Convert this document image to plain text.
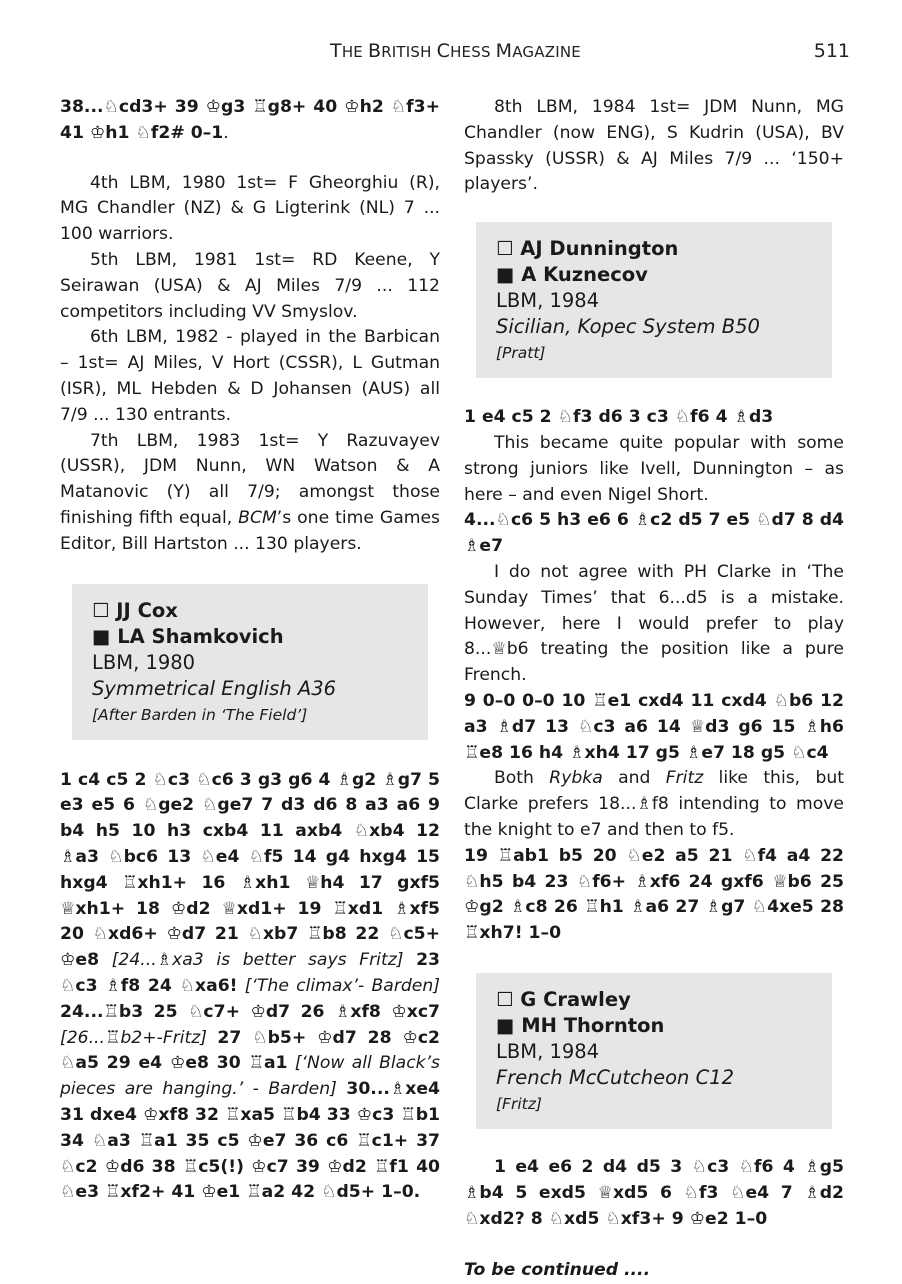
THE BRITISH CHESS MAGAZINE	511

38...♘cd3+ 39 ♔g3 ♖g8+ 40 ♔h2 ♘f3+ 41 ♔h1 ♘f2# 0–1.

4th LBM, 1980 1st= F Gheorghiu (R), MG Chandler (NZ) & G Ligterink (NL) 7 ... 100 warriors.

5th LBM, 1981 1st= RD Keene, Y Seirawan (USA) & AJ Miles 7/9 ... 112 competitors including VV Smyslov.

6th LBM, 1982 - played in the Barbican – 1st= AJ Miles, V Hort (CSSR), L Gutman (ISR), ML Hebden & D Johansen (AUS) all 7/9 ... 130 entrants.

7th LBM, 1983 1st= Y Razuvayev (USSR), JDM Nunn, WN Watson & A Matanovic (Y) all 7/9; amongst those finishing fifth equal, BCM’s one time Games Editor, Bill Hartston ... 130 players.

☐ JJ Cox
■ LA Shamkovich
LBM, 1980
Symmetrical English A36
[After Barden in ‘The Field’]

1 c4 c5 2 ♘c3 ♘c6 3 g3 g6 4 ♗g2 ♗g7 5 e3 e5 6 ♘ge2 ♘ge7 7 d3 d6 8 a3 a6 9 b4 h5 10 h3 cxb4 11 axb4 ♘xb4 12 ♗a3 ♘bc6 13 ♘e4 ♘f5 14 g4 hxg4 15 hxg4 ♖xh1+ 16 ♗xh1 ♕h4 17 gxf5 ♕xh1+ 18 ♔d2 ♕xd1+ 19 ♖xd1 ♗xf5 20 ♘xd6+ ♔d7 21 ♘xb7 ♖b8 22 ♘c5+ ♔e8 [24...♗xa3 is better says Fritz] 23 ♘c3 ♗f8 24 ♘xa6! [‘The climax’- Barden] 24...♖b3 25 ♘c7+ ♔d7 26 ♗xf8 ♔xc7 [26...♖b2+-Fritz] 27 ♘b5+ ♔d7 28 ♔c2 ♘a5 29 e4 ♔e8 30 ♖a1 [‘Now all Black’s pieces are hanging.’ - Barden] 30...♗xe4 31 dxe4 ♔xf8 32 ♖xa5 ♖b4 33 ♔c3 ♖b1 34 ♘a3 ♖a1 35 c5 ♔e7 36 c6 ♖c1+ 37 ♘c2 ♔d6 38 ♖c5(!) ♔c7 39 ♔d2 ♖f1 40 ♘e3 ♖xf2+ 41 ♔e1 ♖a2 42 ♘d5+ 1–0.

8th LBM, 1984 1st= JDM Nunn, MG Chandler (now ENG), S Kudrin (USA), BV Spassky (USSR) & AJ Miles 7/9 ... ‘150+ players’.

☐ AJ Dunnington
■ A Kuznecov
LBM, 1984
Sicilian, Kopec System B50
[Pratt]

1 e4 c5 2 ♘f3 d6 3 c3 ♘f6 4 ♗d3

This became quite popular with some strong juniors like Ivell, Dunnington – as here – and even Nigel Short.

4...♘c6 5 h3 e6 6 ♗c2 d5 7 e5 ♘d7 8 d4 ♗e7

I do not agree with PH Clarke in ‘The Sunday Times’ that 6...d5 is a mistake. However, here I would prefer to play 8...♕b6 treating the position like a pure French.

9 0–0 0–0 10 ♖e1 cxd4 11 cxd4 ♘b6 12 a3 ♗d7 13 ♘c3 a6 14 ♕d3 g6 15 ♗h6 ♖e8 16 h4 ♗xh4 17 g5 ♗e7 18 g5 ♘c4

Both Rybka and Fritz like this, but Clarke prefers 18...♗f8 intending to move the knight to e7 and then to f5.

19 ♖ab1 b5 20 ♘e2 a5 21 ♘f4 a4 22 ♘h5 b4 23 ♘f6+ ♗xf6 24 gxf6 ♕b6 25 ♔g2 ♗c8 26 ♖h1 ♗a6 27 ♗g7 ♘4xe5 28 ♖xh7! 1–0

☐ G Crawley
■ MH Thornton
LBM, 1984
French McCutcheon C12
[Fritz]

1 e4 e6 2 d4 d5 3 ♘c3 ♘f6 4 ♗g5 ♗b4 5 exd5 ♕xd5 6 ♘f3 ♘e4 7 ♗d2 ♘xd2? 8 ♘xd5 ♘xf3+ 9 ♔e2 1–0

To be continued ....
